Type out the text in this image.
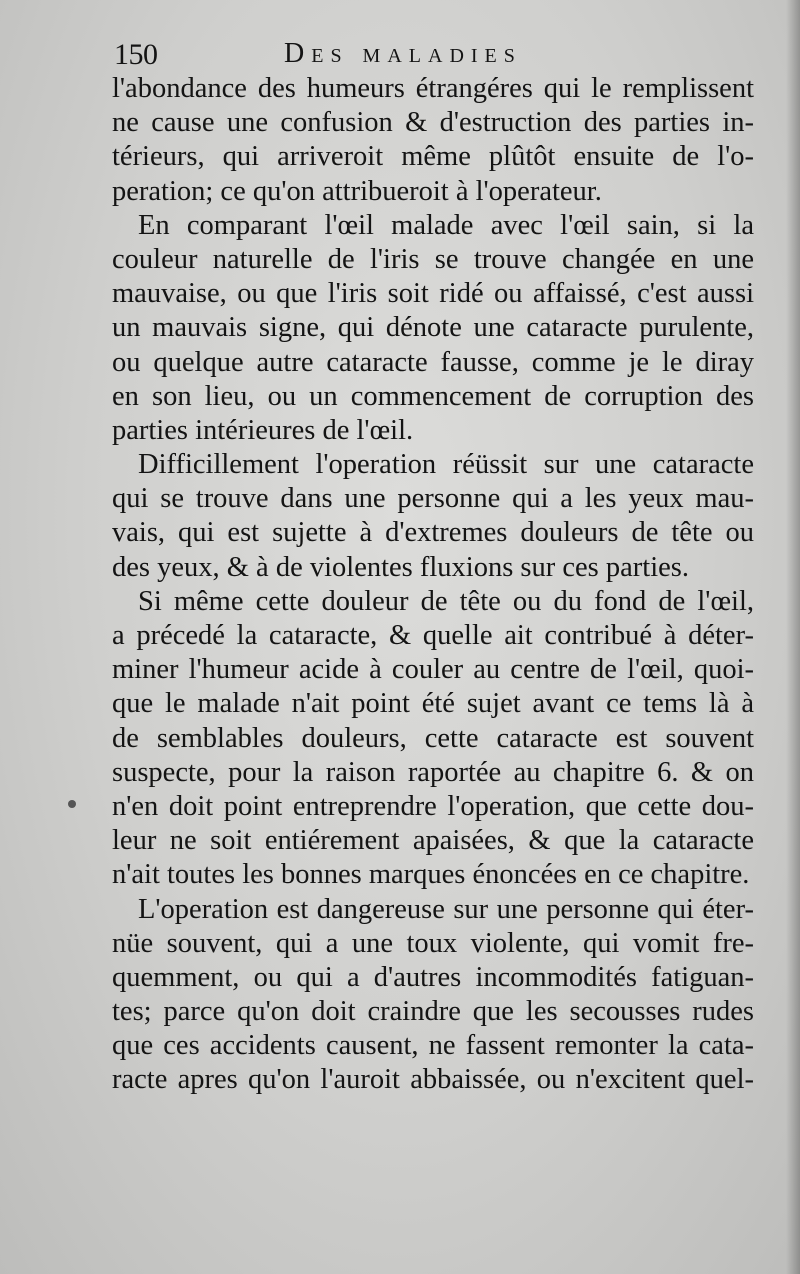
150	Des maladies
l'abondance des humeurs étrangéres qui le remplissent
ne cause une confusion & d'estruction des parties in-
térieurs, qui arriveroit même plûtôt ensuite de l'o-
peration; ce qu'on attribueroit à l'operateur.
En comparant l'œil malade avec l'œil sain, si la
couleur naturelle de l'iris se trouve changée en une
mauvaise, ou que l'iris soit ridé ou affaissé, c'est aussi
un mauvais signe, qui dénote une cataracte purulente,
ou quelque autre cataracte fausse, comme je le diray
en son lieu, ou un commencement de corruption des
parties intérieures de l'œil.
Difficillement l'operation réüssit sur une cataracte
qui se trouve dans une personne qui a les yeux mau-
vais, qui est sujette à d'extremes douleurs de tête ou
des yeux, & à de violentes fluxions sur ces parties.
Si même cette douleur de tête ou du fond de l'œil,
a précedé la cataracte, & quelle ait contribué à déter-
miner l'humeur acide à couler au centre de l'œil, quoi-
que le malade n'ait point été sujet avant ce tems là à
de semblables douleurs, cette cataracte est souvent
suspecte, pour la raison raportée au chapitre 6. & on
n'en doit point entreprendre l'operation, que cette dou-
leur ne soit entiérement apaisées, & que la cataracte
n'ait toutes les bonnes marques énoncées en ce chapitre.
L'operation est dangereuse sur une personne qui éter-
nüe souvent, qui a une toux violente, qui vomit fre-
quemment, ou qui a d'autres incommodités fatiguan-
tes; parce qu'on doit craindre que les secousses rudes
que ces accidents causent, ne fassent remonter la cata-
racte apres qu'on l'auroit abbaissée, ou n'excitent quel-
